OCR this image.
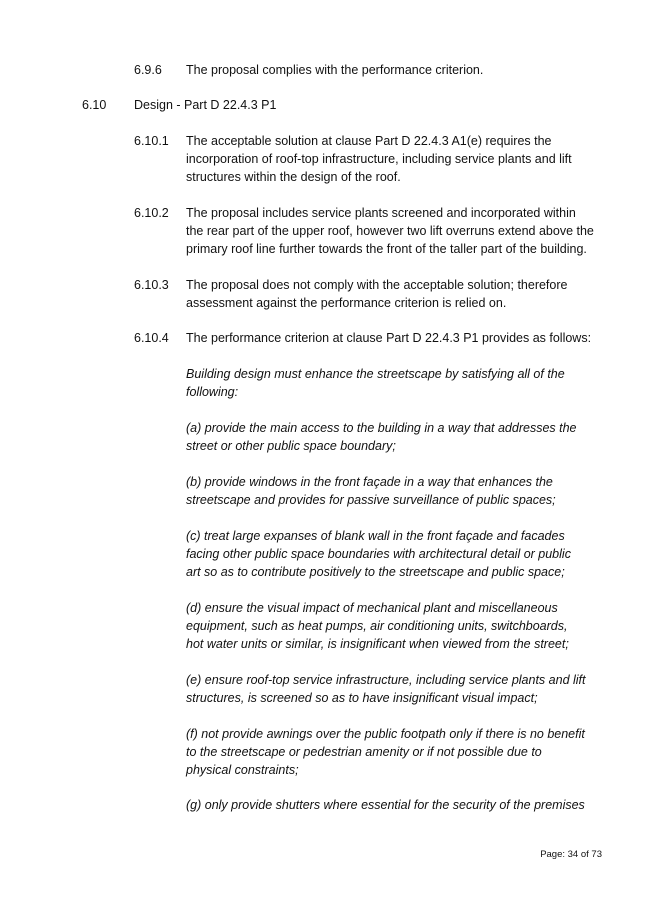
6.9.6 The proposal complies with the performance criterion.
6.10 Design - Part D 22.4.3 P1
6.10.1 The acceptable solution at clause Part D 22.4.3 A1(e) requires the
incorporation of roof-top infrastructure, including service plants and lift
structures within the design of the roof.
6.10.2 The proposal includes service plants screened and incorporated within
the rear part of the upper roof, however two lift overruns extend above the
primary roof line further towards the front of the taller part of the building.
6.10.3 The proposal does not comply with the acceptable solution; therefore
assessment against the performance criterion is relied on.
6.10.4 The performance criterion at clause Part D 22.4.3 P1 provides as follows:
Building design must enhance the streetscape by satisfying all of the
following:
(a) provide the main access to the building in a way that addresses the
street or other public space boundary;
(b) provide windows in the front façade in a way that enhances the
streetscape and provides for passive surveillance of public spaces;
(c) treat large expanses of blank wall in the front façade and facades
facing other public space boundaries with architectural detail or public
art so as to contribute positively to the streetscape and public space;
(d) ensure the visual impact of mechanical plant and miscellaneous
equipment, such as heat pumps, air conditioning units, switchboards,
hot water units or similar, is insignificant when viewed from the street;
(e) ensure roof-top service infrastructure, including service plants and lift
structures, is screened so as to have insignificant visual impact;
(f) not provide awnings over the public footpath only if there is no benefit
to the streetscape or pedestrian amenity or if not possible due to
physical constraints;
(g) only provide shutters where essential for the security of the premises
Page: 34 of 73
